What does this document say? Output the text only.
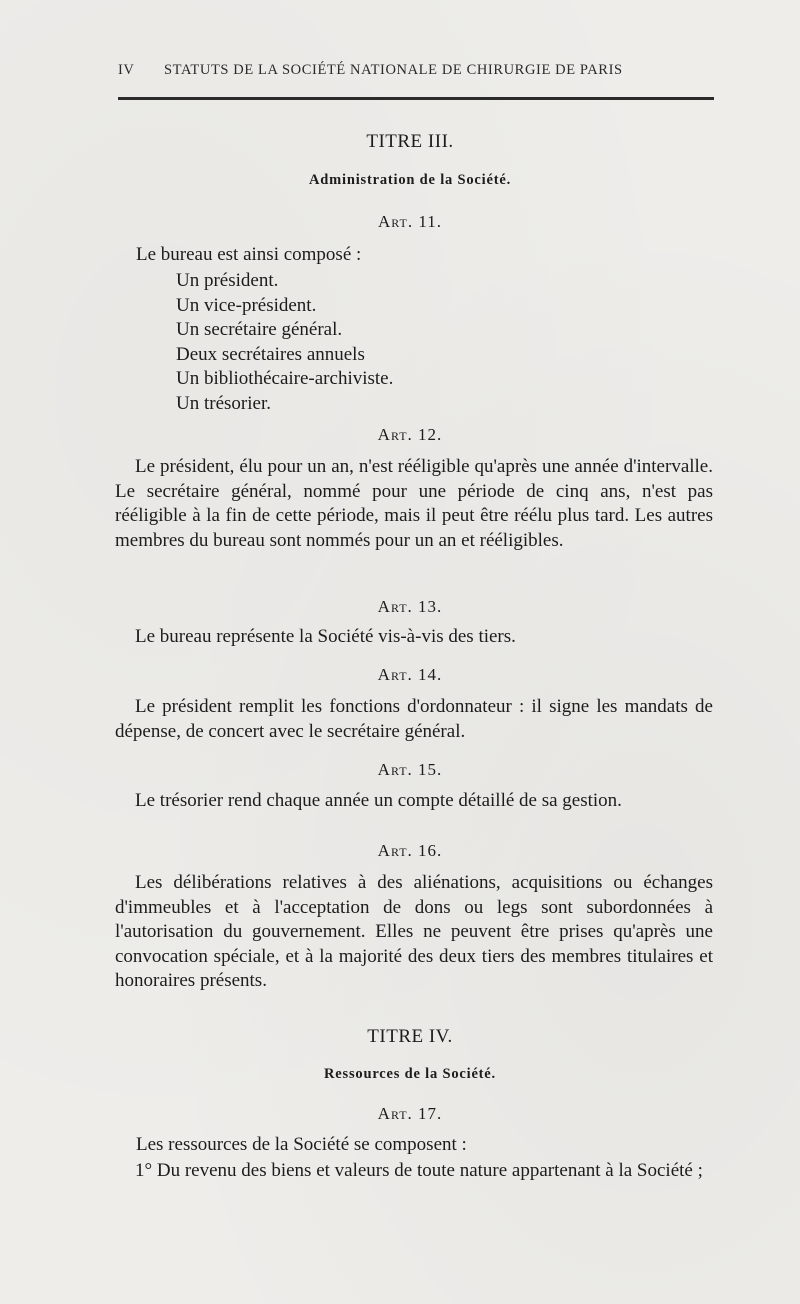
IV STATUTS DE LA SOCIÉTÉ NATIONALE DE CHIRURGIE DE PARIS
TITRE III.
Administration de la Société.
Art. 11.
Le bureau est ainsi composé :
Un président.
Un vice-président.
Un secrétaire général.
Deux secrétaires annuels
Un bibliothécaire-archiviste.
Un trésorier.
Art. 12.
Le président, élu pour un an, n'est rééligible qu'après une année d'intervalle. Le secrétaire général, nommé pour une période de cinq ans, n'est pas rééligible à la fin de cette période, mais il peut être réélu plus tard. Les autres membres du bureau sont nommés pour un an et rééligibles.
Art. 13.
Le bureau représente la Société vis-à-vis des tiers.
Art. 14.
Le président remplit les fonctions d'ordonnateur : il signe les mandats de dépense, de concert avec le secrétaire général.
Art. 15.
Le trésorier rend chaque année un compte détaillé de sa gestion.
Art. 16.
Les délibérations relatives à des aliénations, acquisitions ou échanges d'immeubles et à l'acceptation de dons ou legs sont subordonnées à l'autorisation du gouvernement. Elles ne peuvent être prises qu'après une convocation spéciale, et à la majorité des deux tiers des membres titulaires et honoraires présents.
TITRE IV.
Ressources de la Société.
Art. 17.
Les ressources de la Société se composent :
1° Du revenu des biens et valeurs de toute nature appartenant à la Société ;
